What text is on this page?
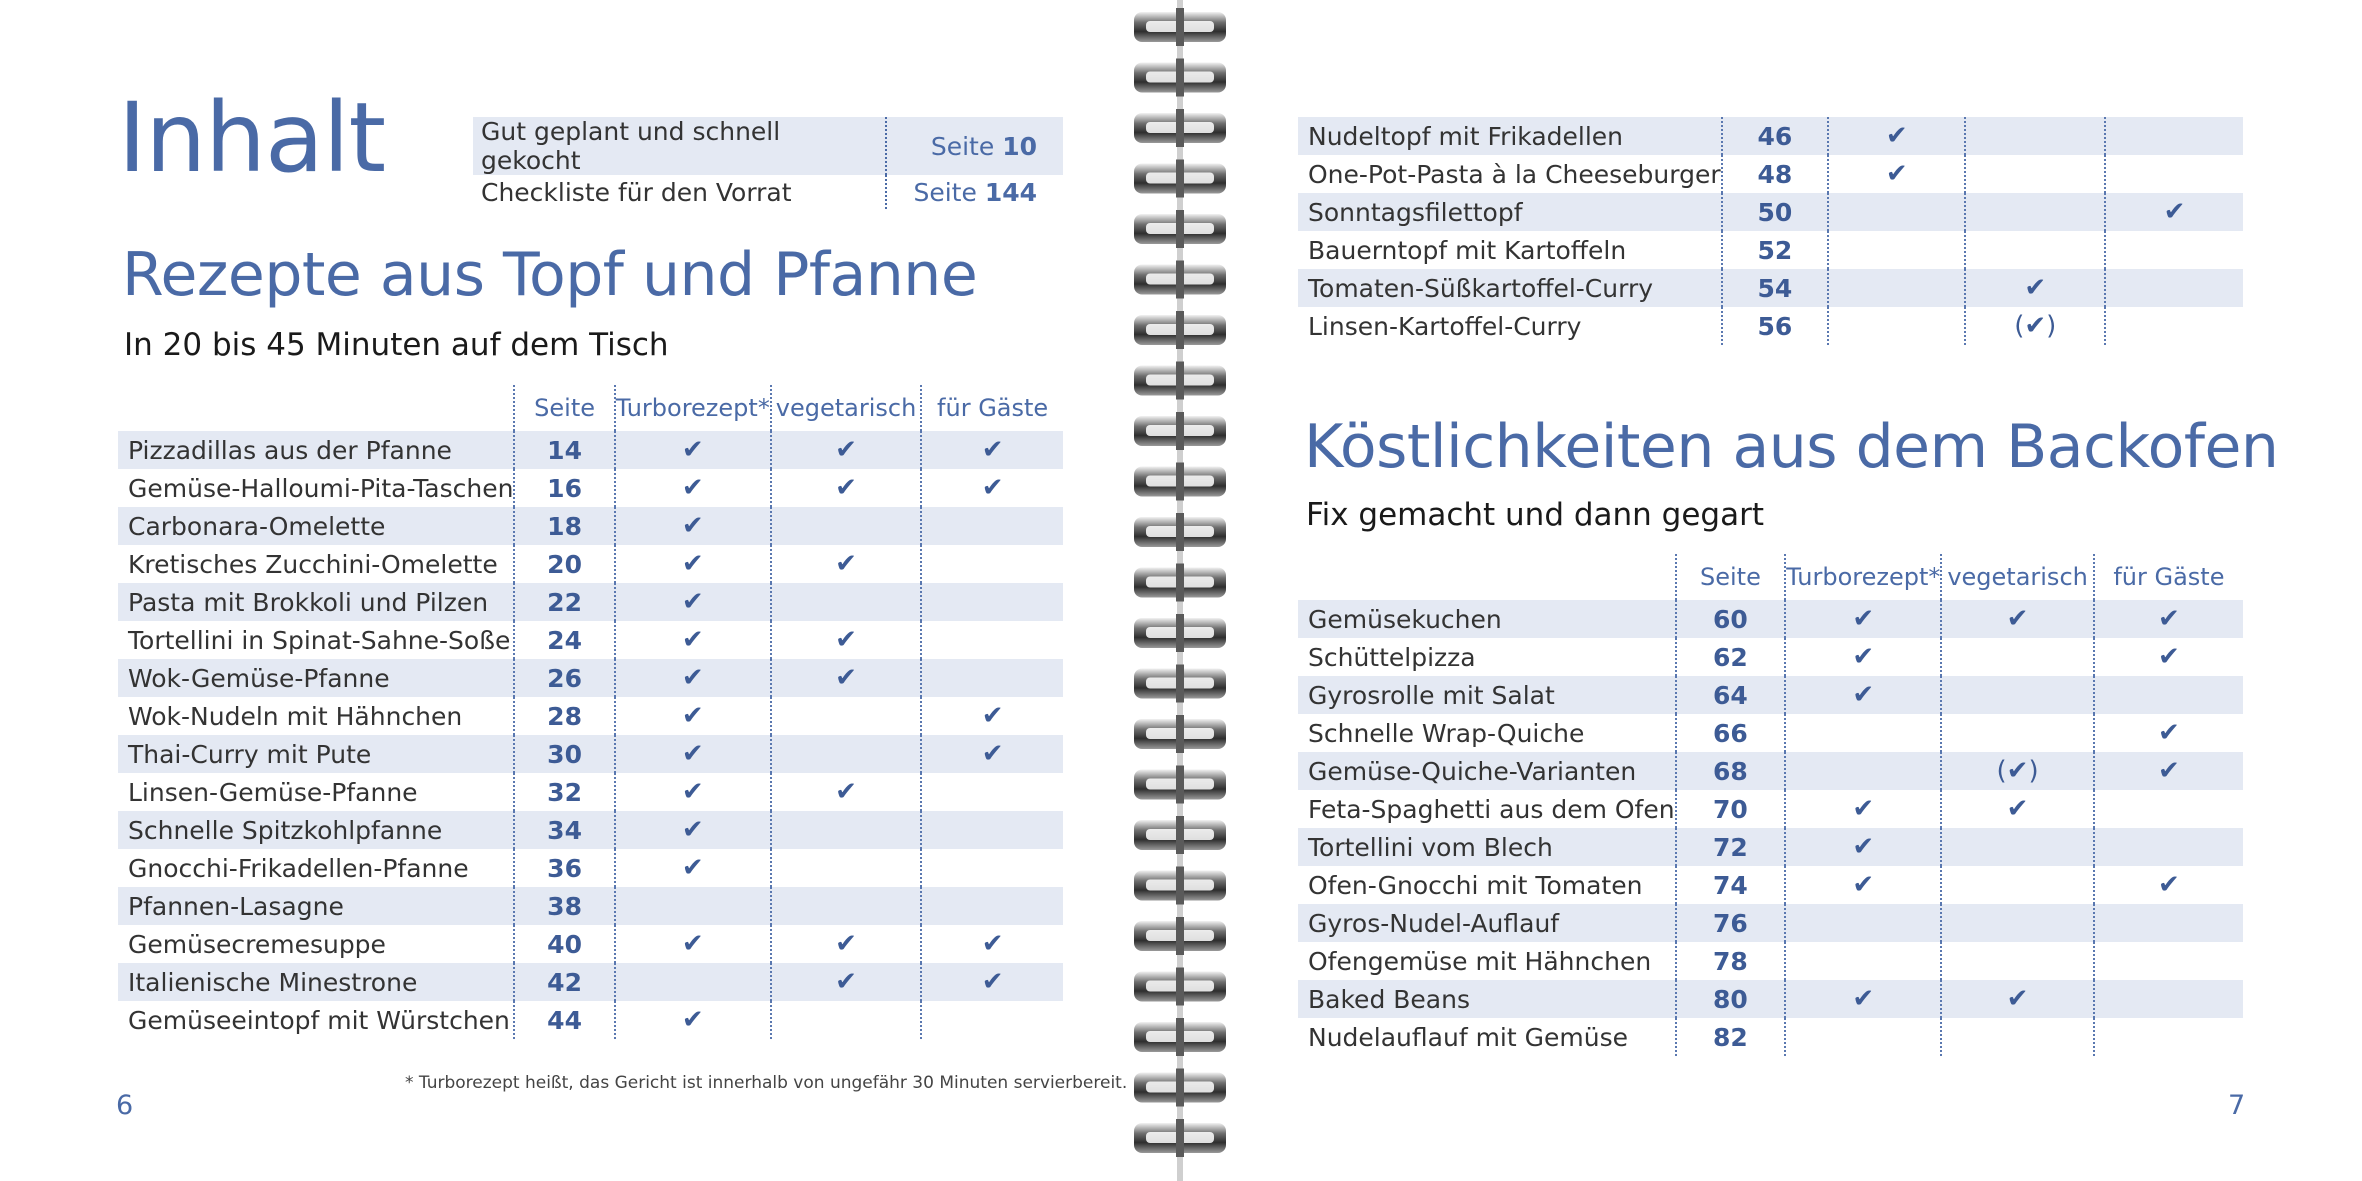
Inhalt	Gut geplant und schnell gekocht	Seite 10
Checkliste für den Vorrat	Seite 144
Rezepte aus Topf und Pfanne
In 20 bis 45 Minuten auf dem Tisch
	Seite	Turborezept*	vegetarisch	für Gäste
Pizzadillas aus der Pfanne	14	✔	✔	✔
Gemüse-Halloumi-Pita-Taschen	16	✔	✔	✔
Carbonara-Omelette	18	✔		
Kretisches Zucchini-Omelette	20	✔	✔	
Pasta mit Brokkoli und Pilzen	22	✔		
Tortellini in Spinat-Sahne-Soße	24	✔	✔	
Wok-Gemüse-Pfanne	26	✔	✔	
Wok-Nudeln mit Hähnchen	28	✔		✔
Thai-Curry mit Pute	30	✔		✔
Linsen-Gemüse-Pfanne	32	✔	✔	
Schnelle Spitzkohlpfanne	34	✔		
Gnocchi-Frikadellen-Pfanne	36	✔		
Pfannen-Lasagne	38			
Gemüsecremesuppe	40	✔	✔	✔
Italienische Minestrone	42		✔	✔
Gemüseeintopf mit Würstchen	44	✔		
* Turborezept heißt, das Gericht ist innerhalb von ungefähr 30 Minuten servierbereit.
6
Nudeltopf mit Frikadellen	46	✔		
One-Pot-Pasta à la Cheeseburger	48	✔		
Sonntagsfilettopf	50			✔
Bauerntopf mit Kartoffeln	52			
Tomaten-Süßkartoffel-Curry	54		✔	
Linsen-Kartoffel-Curry	56		(✔)	
Köstlichkeiten aus dem Backofen
Fix gemacht und dann gegart
	Seite	Turborezept*	vegetarisch	für Gäste
Gemüsekuchen	60	✔	✔	✔
Schüttelpizza	62	✔		✔
Gyrosrolle mit Salat	64	✔		
Schnelle Wrap-Quiche	66			✔
Gemüse-Quiche-Varianten	68		(✔)	✔
Feta-Spaghetti aus dem Ofen	70	✔	✔	
Tortellini vom Blech	72	✔		
Ofen-Gnocchi mit Tomaten	74	✔		✔
Gyros-Nudel-Auflauf	76			
Ofengemüse mit Hähnchen	78			
Baked Beans	80	✔	✔	
Nudelauflauf mit Gemüse	82			
7
